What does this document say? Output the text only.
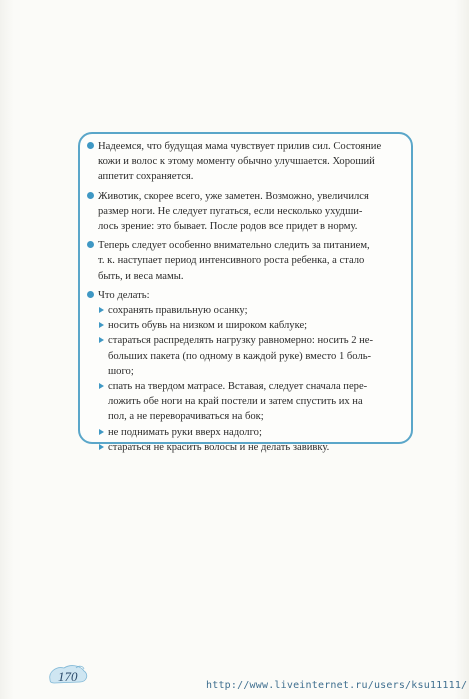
Надеемся, что будущая мама чувствует прилив сил. Состояние
кожи и волос к этому моменту обычно улучшается. Хороший
аппетит сохраняется.
Животик, скорее всего, уже заметен. Возможно, увеличился
размер ноги. Не следует пугаться, если несколько ухудши-
лось зрение: это бывает. После родов все придет в норму.
Теперь следует особенно внимательно следить за питанием,
т. к. наступает период интенсивного роста ребенка, а стало
быть, и веса мамы.
Что делать:
сохранять правильную осанку;
носить обувь на низком и широком каблуке;
стараться распределять нагрузку равномерно: носить 2 не-
больших пакета (по одному в каждой руке) вместо 1 боль-
шого;
спать на твердом матрасе. Вставая, следует сначала пере-
ложить обе ноги на край постели и затем спустить их на
пол, а не переворачиваться на бок;
не поднимать руки вверх надолго;
стараться не красить волосы и не делать завивку.
170
http://www.liveinternet.ru/users/ksu11111/
